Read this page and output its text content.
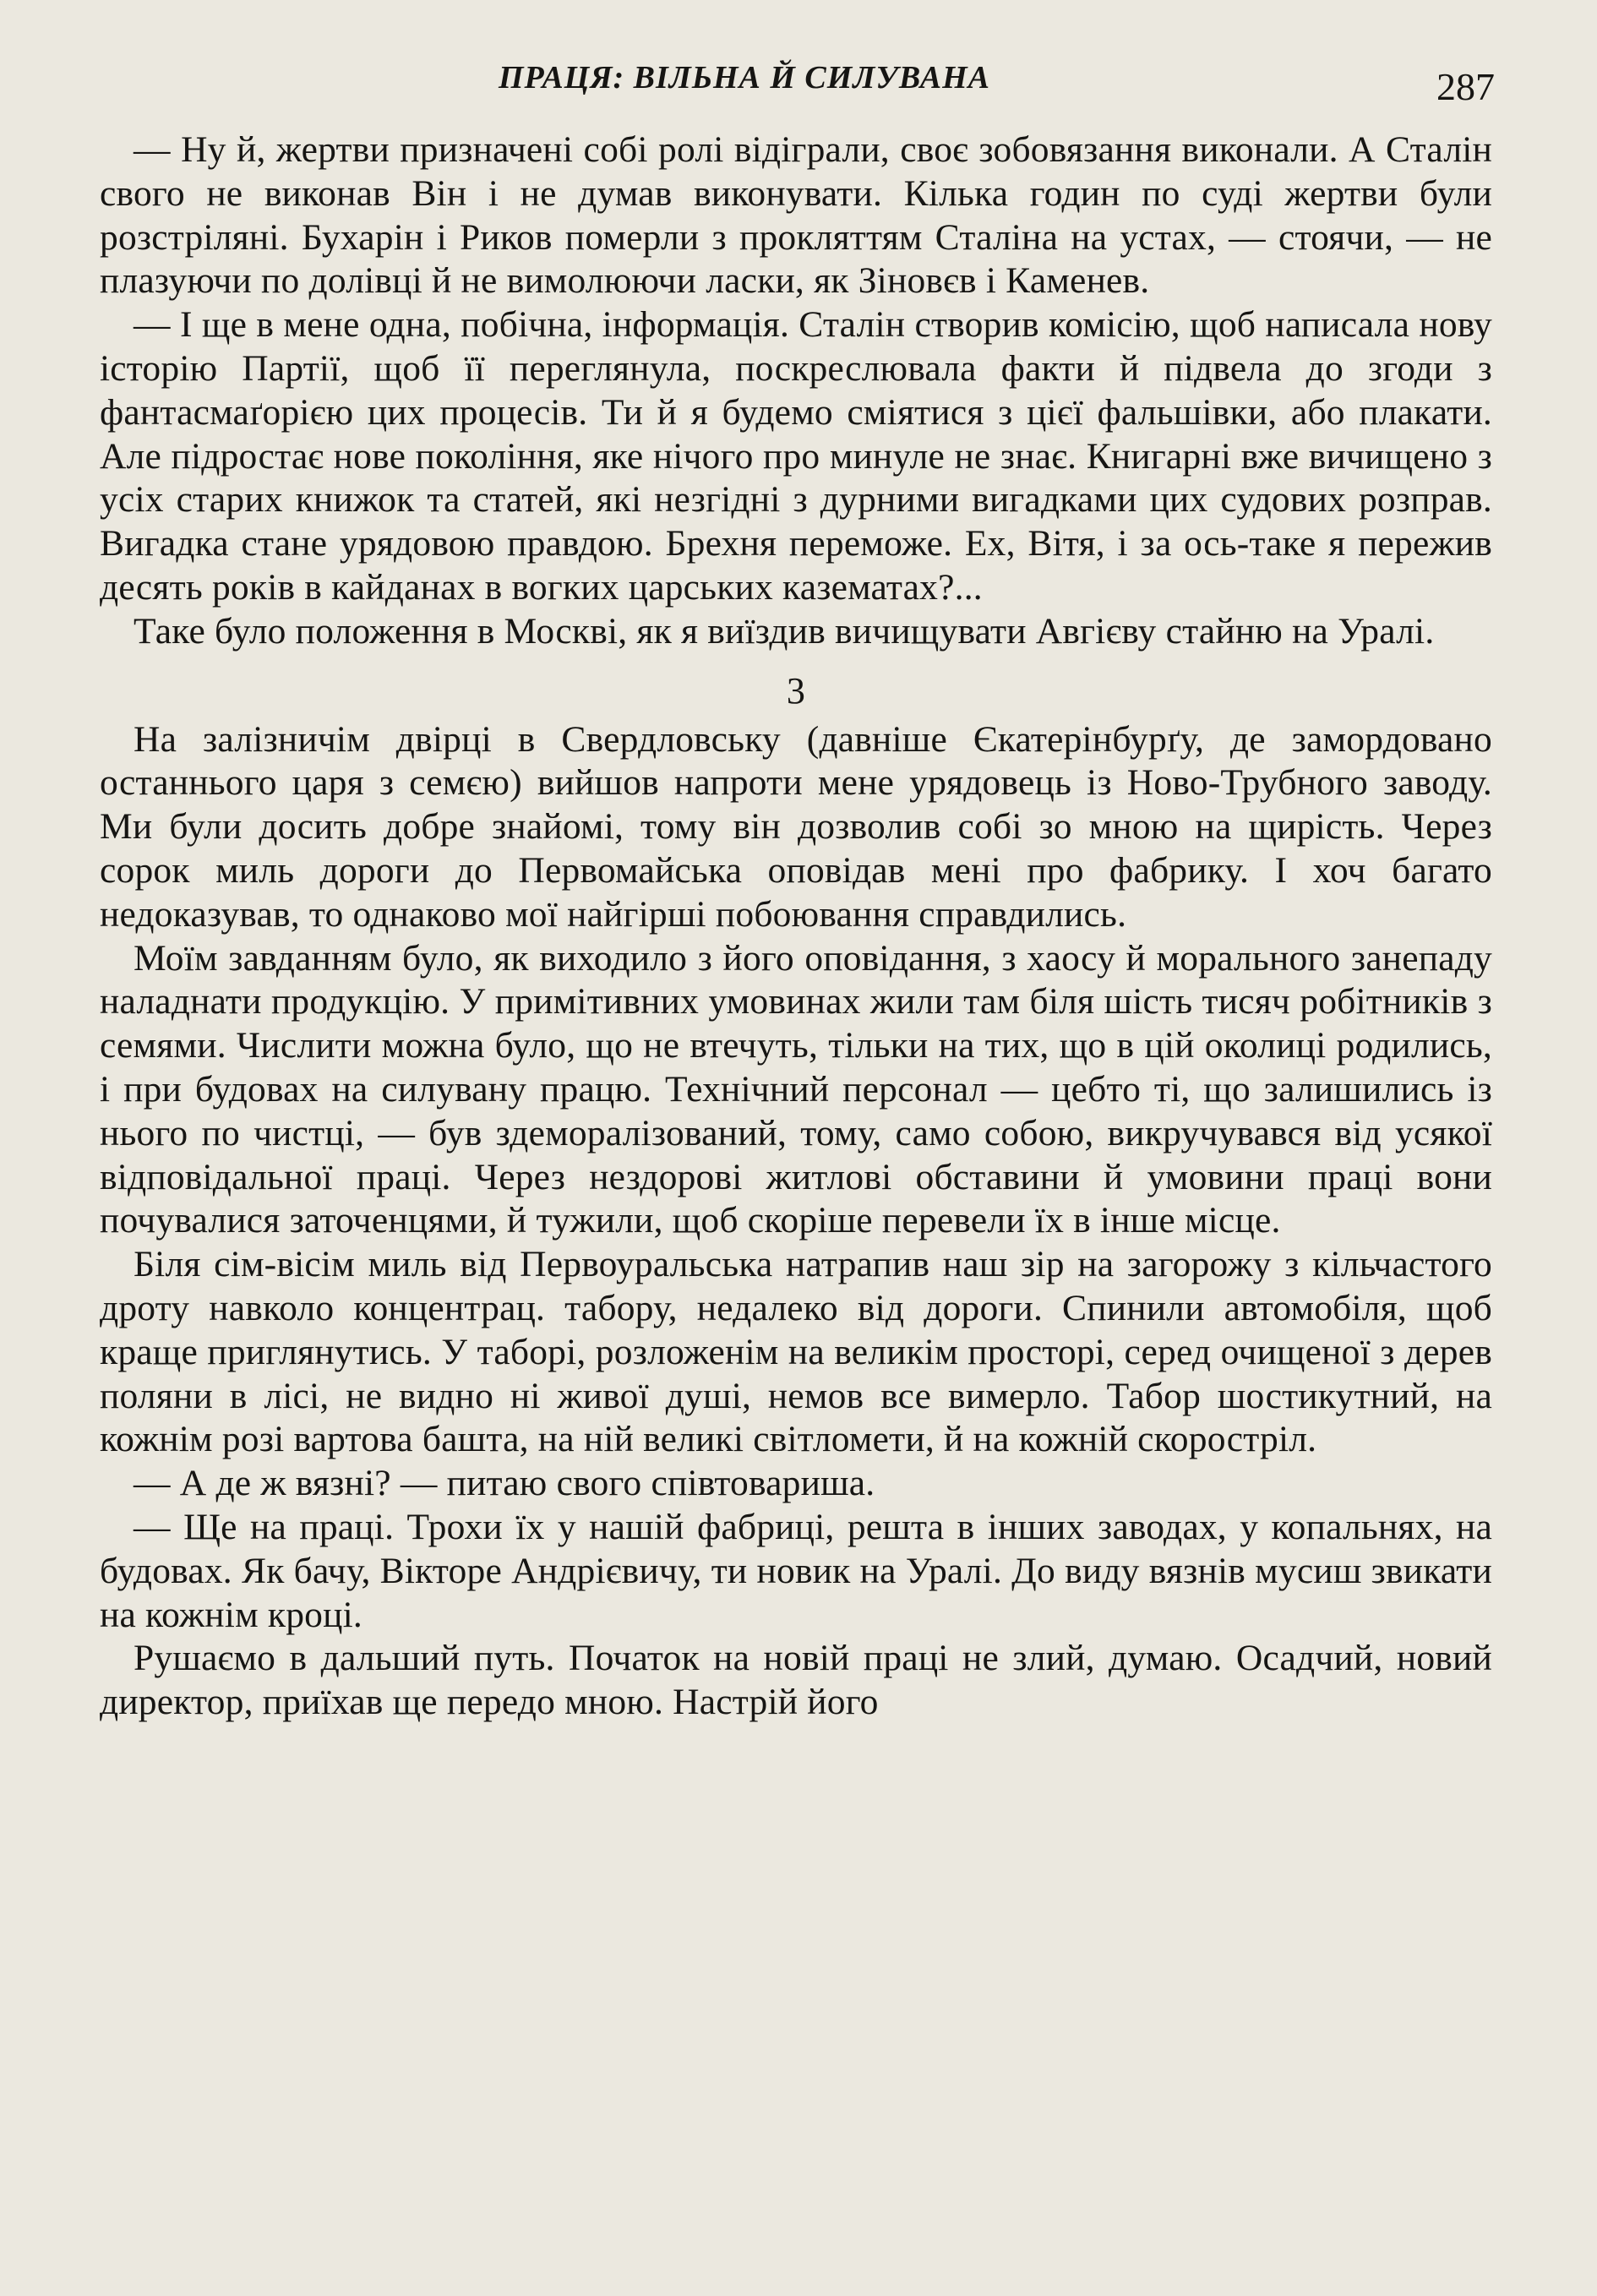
ПРАЦЯ: ВІЛЬНА Й СИЛУВАНА	287

— Ну й, жертви призначені собі ролі відіграли, своє зобовязання виконали. А Сталін свого не виконав Він і не думав виконувати. Кілька годин по суді жертви були розстріляні. Бухарін і Риков померли з прокляттям Сталіна на устах, — стоячи, — не плазуючи по долівці й не вимолюючи ласки, як Зіновєв і Каменев.

— І ще в мене одна, побічна, інформація. Сталін створив комісію, щоб написала нову історію Партії, щоб її переглянула, поскреслювала факти й підвела до згоди з фантасмаґорією цих процесів. Ти й я будемо сміятися з цієї фальшівки, або плакати. Але підростає нове покоління, яке нічого про минуле не знає. Книгарні вже вичищено з усіх старих книжок та статей, які незгідні з дурними вигадками цих судових розправ. Вигадка стане урядовою правдою. Брехня переможе. Ех, Вітя, і за ось-таке я пережив десять років в кайданах в вогких царських казематах?...

Таке було положення в Москві, як я виїздив вичищувати Авгієву стайню на Уралі.

3

На залізничім двірці в Свердловську (давніше Єкатерінбурґу, де замордовано останнього царя з семєю) вийшов напроти мене урядовець із Ново-Трубного заводу. Ми були досить добре знайомі, тому він дозволив собі зо мною на щирість. Через сорок миль дороги до Первомайська оповідав мені про фабрику. І хоч багато недоказував, то однаково мої найгірші побоювання справдились.

Моїм завданням було, як виходило з його оповідання, з хаосу й морального занепаду наладнати продукцію. У примітивних умовинах жили там біля шість тисяч робітників з семями. Числити можна було, що не втечуть, тільки на тих, що в цій околиці родились, і при будовах на силувану працю. Технічний персонал — цебто ті, що залишились із нього по чистці, — був здеморалізований, тому, само собою, викручувався від усякої відповідальної праці. Через нездорові житлові обставини й умовини праці вони почувалися заточенцями, й тужили, щоб скоріше перевели їх в інше місце.

Біля сім-вісім миль від Первоуральська натрапив наш зір на загорожу з кільчастого дроту навколо концентрац. табору, недалеко від дороги. Спинили автомобіля, щоб краще приглянутись. У таборі, розложенім на великім просторі, серед очищеної з дерев поляни в лісі, не видно ні живої душі, немов все вимерло. Табор шостикутний, на кожнім розі вартова башта, на ній великі світломети, й на кожній скоростріл.

— А де ж вязні? — питаю свого співтовариша.

— Ще на праці. Трохи їх у нашій фабриці, решта в інших заводах, у копальнях, на будовах. Як бачу, Вікторе Андрієвичу, ти новик на Уралі. До виду вязнів мусиш звикати на кожнім кроці.

Рушаємо в дальший путь. Початок на новій праці не злий, думаю. Осадчий, новий директор, приїхав ще передо мною. Настрій його
